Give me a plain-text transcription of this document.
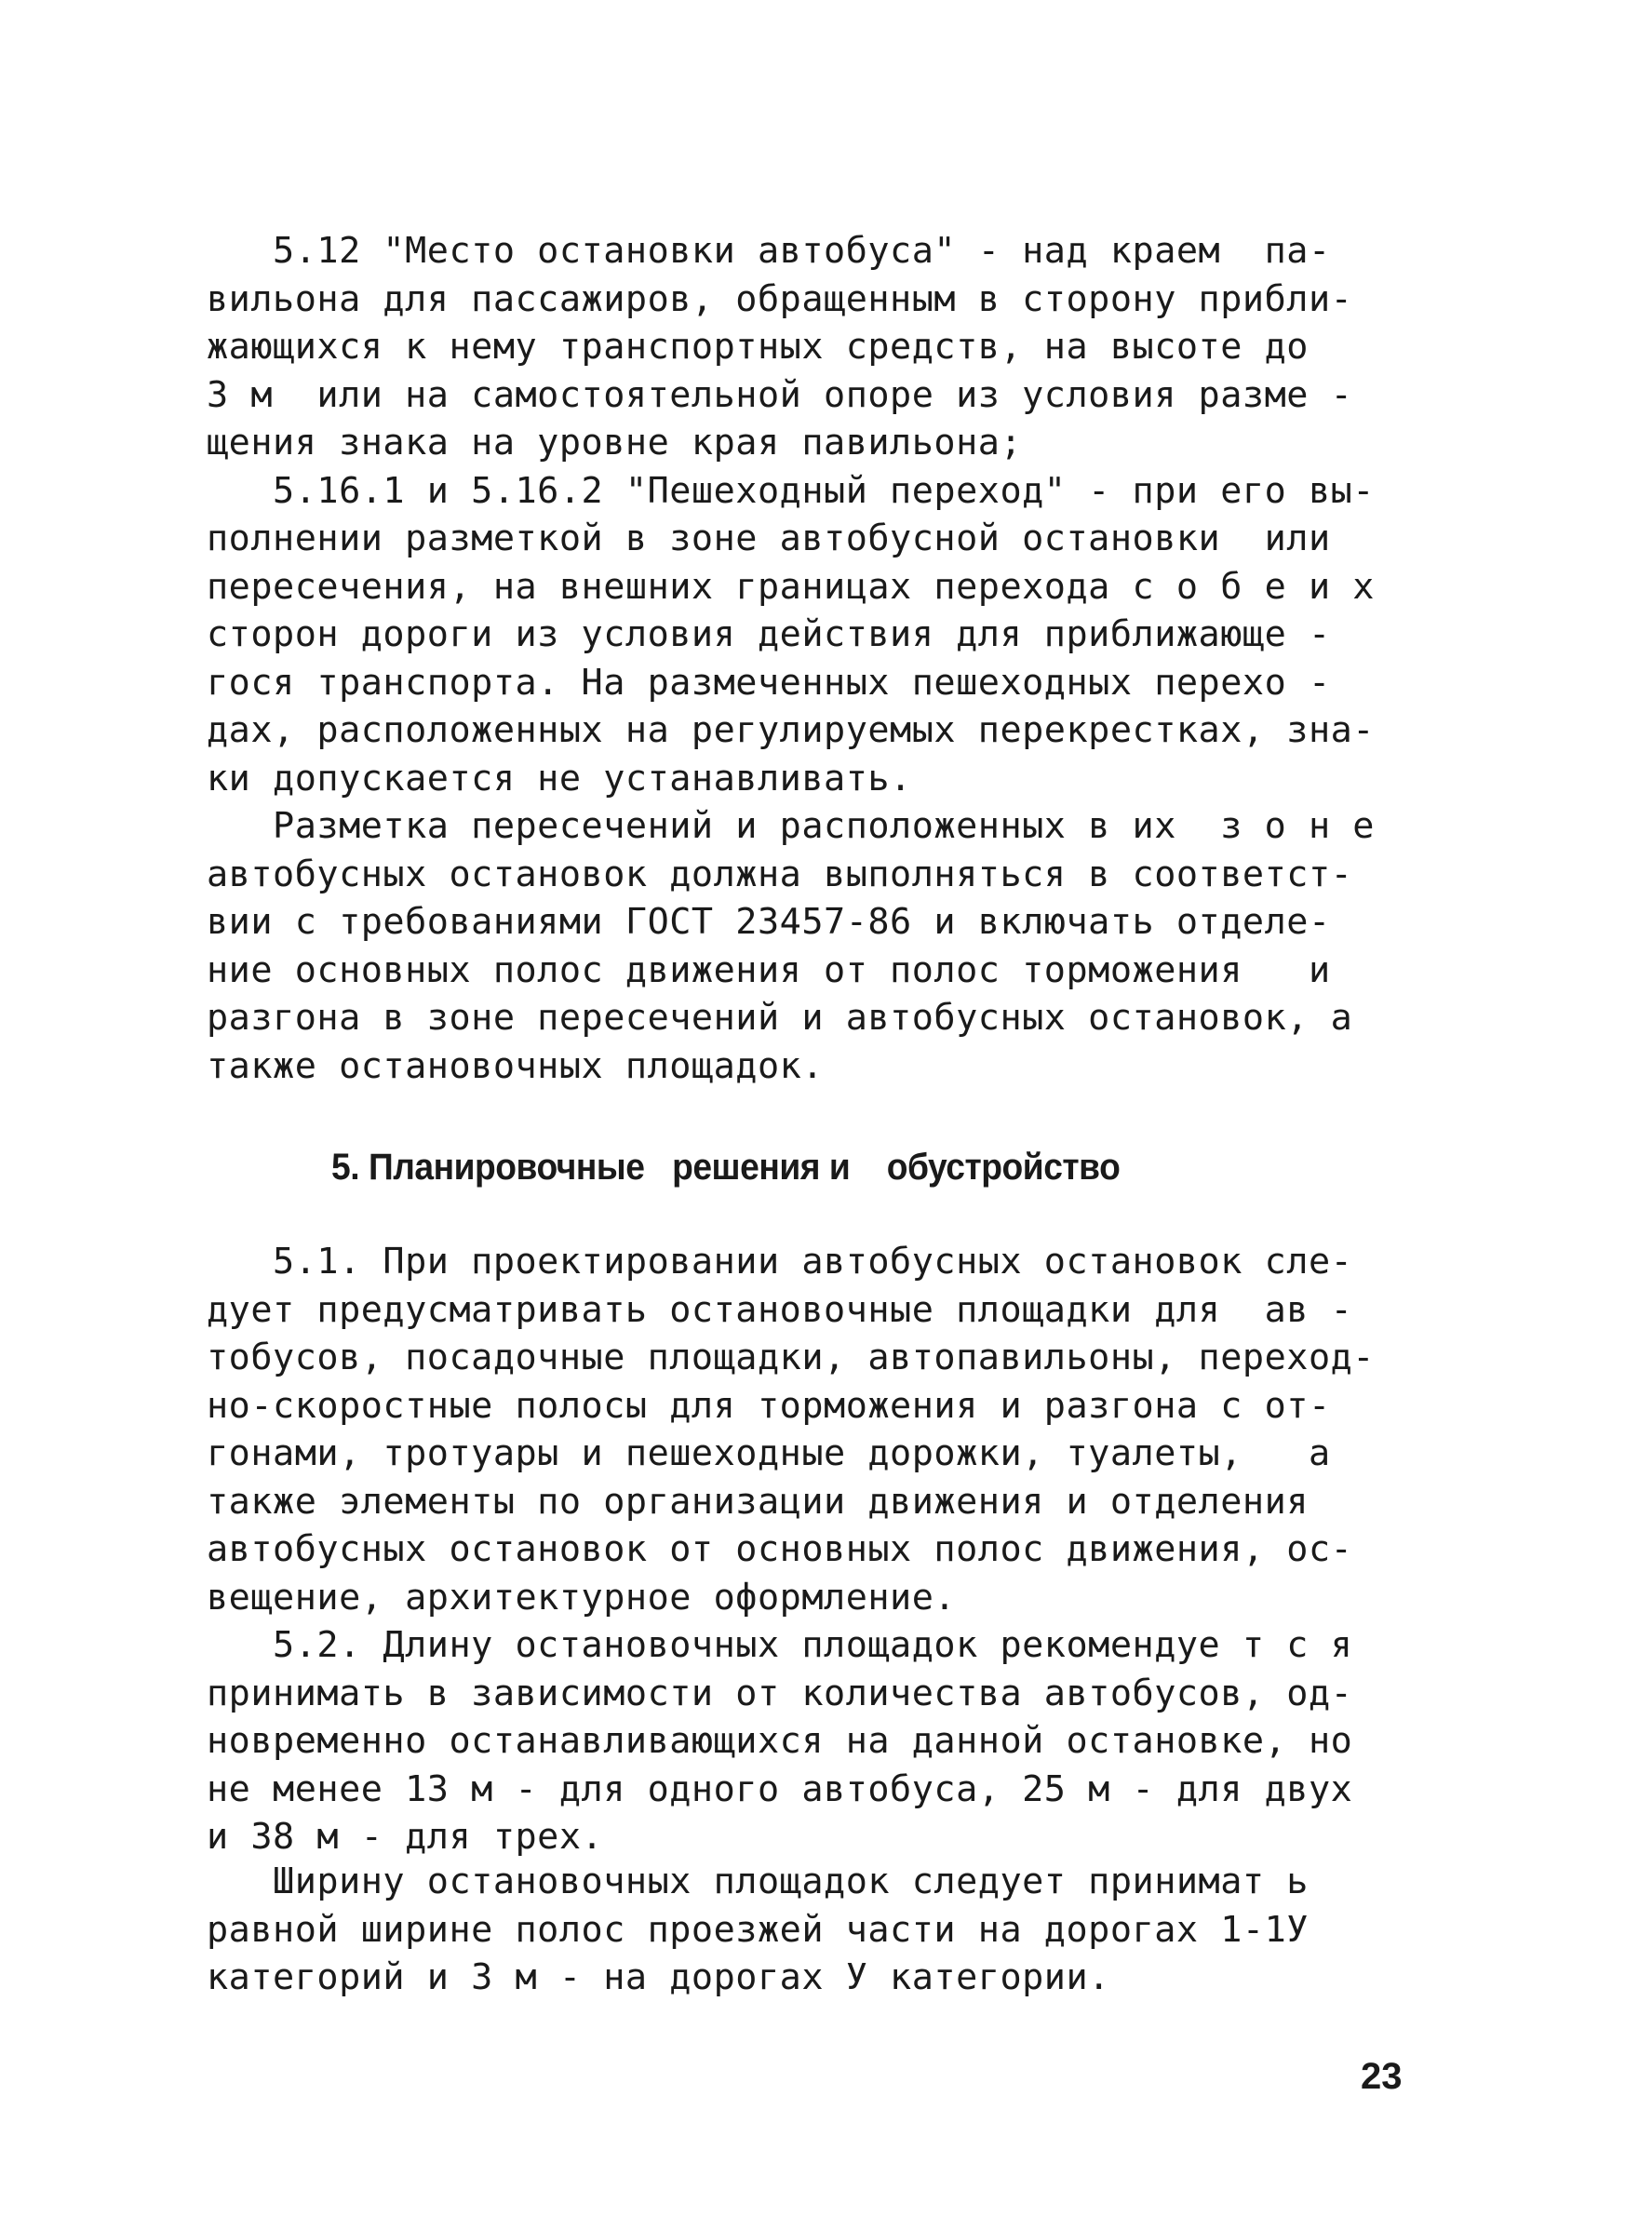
5.12 "Место остановки автобуса" - над краем  па-
вильона для пассажиров, обращенным в сторону прибли-
жающихся к нему транспортных средств, на высоте до
3 м  или на самостоятельной опоре из условия разме -
щения знака на уровне края павильона;
5.16.1 и 5.16.2 "Пешеходный переход" - при его вы-
полнении разметкой в зоне автобусной остановки  или
пересечения, на внешних границах перехода с о б е и х
сторон дороги из условия действия для приближающе -
гося транспорта. На размеченных пешеходных перехо -
дах, расположенных на регулируемых перекрестках, зна-
ки допускается не устанавливать.
Разметка пересечений и расположенных в их  з о н е
автобусных остановок должна выполняться в соответст-
вии с требованиями ГОСТ 23457-86 и включать отделе-
ние основных полос движения от полос торможения   и
разгона в зоне пересечений и автобусных остановок, а
также остановочных площадок.
5. Планировочные   решения и    обустройство
5.1. При проектировании автобусных остановок сле-
дует предусматривать остановочные площадки для  ав -
тобусов, посадочные площадки, автопавильоны, переход-
но-скоростные полосы для торможения и разгона с от-
гонами, тротуары и пешеходные дорожки, туалеты,   а
также элементы по организации движения и отделения
автобусных остановок от основных полос движения, ос-
вещение, архитектурное оформление.
5.2. Длину остановочных площадок рекомендуе т с я
принимать в зависимости от количества автобусов, од-
новременно останавливающихся на данной остановке, но
не менее 13 м - для одного автобуса, 25 м - для двух
и 38 м - для трех.
Ширину остановочных площадок следует принимат ь
равной ширине полос проезжей части на дорогах 1-1У
категорий и 3 м - на дорогах У категории.
23
